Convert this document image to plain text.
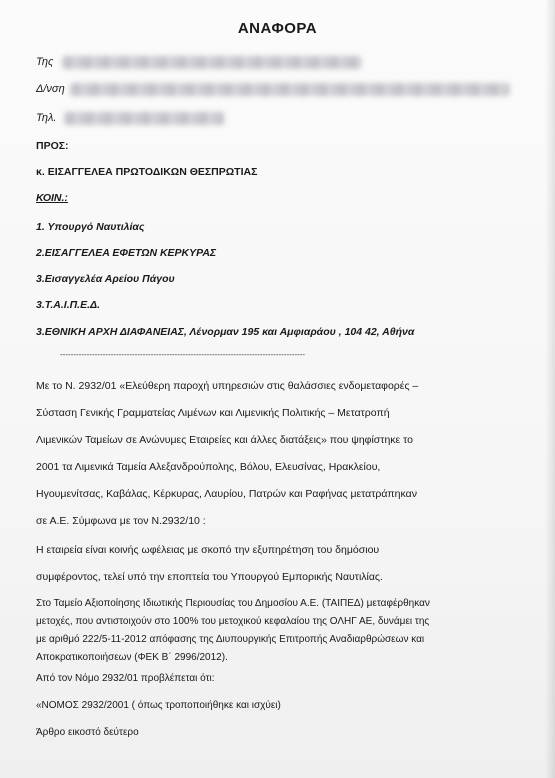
ΑΝΑΦΟΡΑ
Της
Δ/νση
Τηλ.
ΠΡΟΣ:
κ. ΕΙΣΑΓΓΕΛΕΑ ΠΡΩΤΟΔΙΚΩΝ ΘΕΣΠΡΩΤΙΑΣ
ΚΟΙΝ.:
1. Υπουργό Ναυτιλίας
2.ΕΙΣΑΓΓΕΛΕΑ ΕΦΕΤΩΝ ΚΕΡΚΥΡΑΣ
3.Εισαγγελέα Αρείου Πάγου
3.Τ.Α.Ι.Π.Ε.Δ.
3.ΕΘΝΙΚΗ ΑΡΧΗ ΔΙΑΦΑΝΕΙΑΣ, Λένορμαν 195 και Αμφιαράου , 104 42, Αθήνα
--------------------------------------------------------------------------------------------
Με το Ν. 2932/01 «Ελεύθερη παροχή υπηρεσιών στις θαλάσσιες ενδομεταφορές –
Σύσταση Γενικής Γραμματείας Λιμένων και Λιμενικής Πολιτικής – Μετατροπή
Λιμενικών Ταμείων σε Ανώνυμες Εταιρείες και άλλες διατάξεις» που ψηφίστηκε το
2001 τα Λιμενικά Ταμεία Αλεξανδρούπολης, Βόλου, Ελευσίνας, Ηρακλείου,
Ηγουμενίτσας, Καβάλας, Κέρκυρας, Λαυρίου, Πατρών και Ραφήνας μετατράπηκαν
σε Α.Ε. Σύμφωνα με τον Ν.2932/10 :
Η εταιρεία είναι κοινής ωφέλειας με σκοπό την εξυπηρέτηση του δημόσιου
συμφέροντος, τελεί υπό την εποπτεία του Υπουργού Εμπορικής Ναυτιλίας.
Στο Ταμείο Αξιοποίησης Ιδιωτικής Περιουσίας του Δημοσίου Α.Ε. (ΤΑΙΠΕΔ) μεταφέρθηκαν
μετοχές, που αντιστοιχούν στο 100% του μετοχικού κεφαλαίου της ΟΛΗΓ ΑΕ, δυνάμει της
με αριθμό 222/5-11-2012 απόφασης της Διυπουργικής Επιτροπής Αναδιαρθρώσεων και
Αποκρατικοποιήσεων (ΦΕΚ Β΄ 2996/2012).
Από τον Νόμο 2932/01 προβλέπεται ότι:
«ΝΟΜΟΣ 2932/2001 ( όπως τροποποιήθηκε και ισχύει)
Άρθρο εικοστό δεύτερο
